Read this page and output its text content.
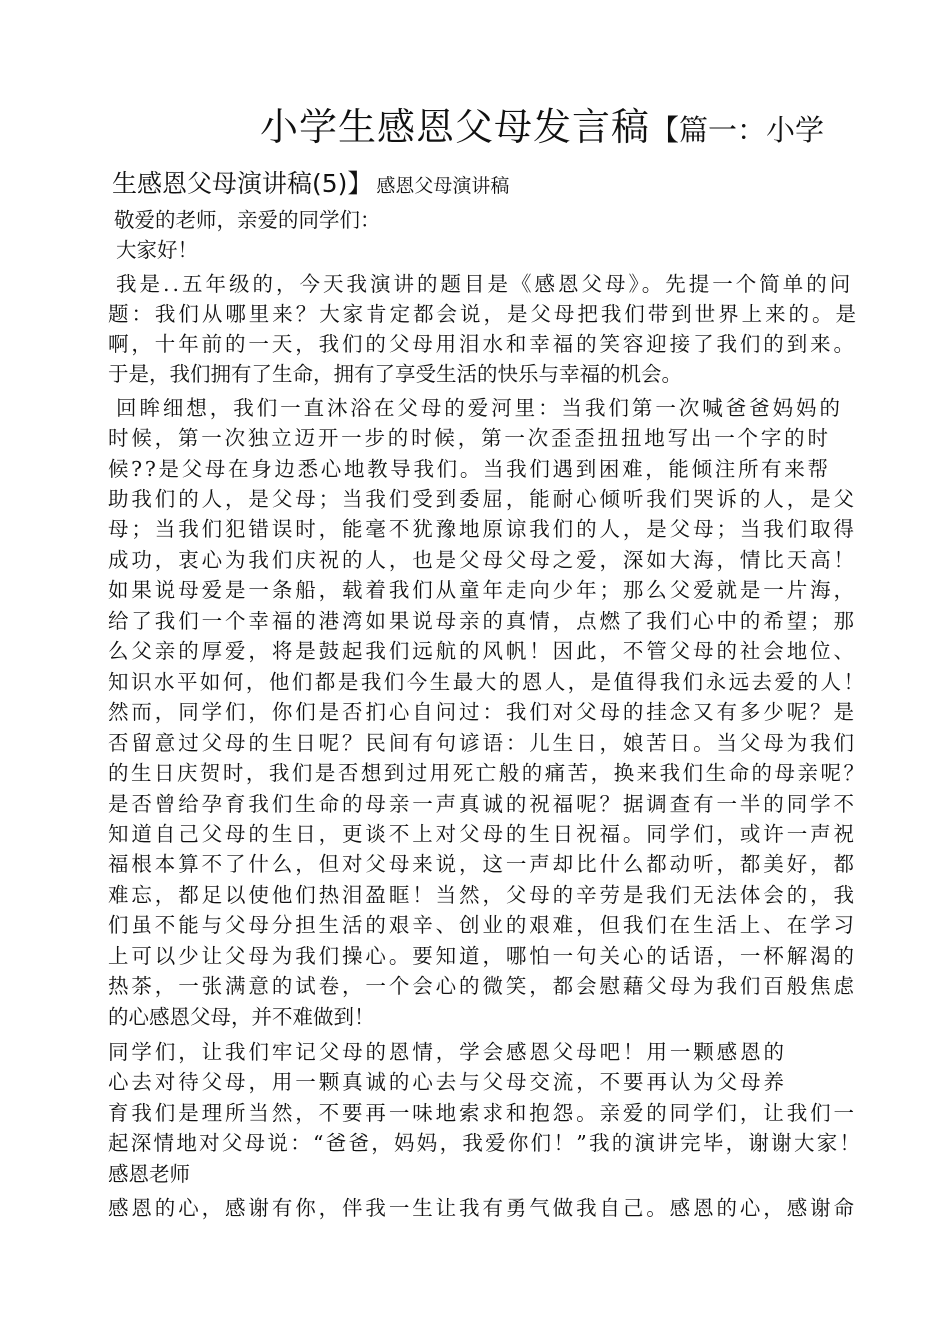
小学生感恩父母发言稿【篇一：小学
生感恩父母演讲稿(5)】 感恩父母演讲稿
敬爱的老师，亲爱的同学们：
大家好！
我是..五年级的，今天我演讲的题目是《感恩父母》。先提一个简单的问
题：我们从哪里来？大家肯定都会说，是父母把我们带到世界上来的。是
啊，十年前的一天，我们的父母用泪水和幸福的笑容迎接了我们的到来。
于是，我们拥有了生命，拥有了享受生活的快乐与幸福的机会。
回眸细想，我们一直沐浴在父母的爱河里：当我们第一次喊爸爸妈妈的
时候，第一次独立迈开一步的时候，第一次歪歪扭扭地写出一个字的时
候??是父母在身边悉心地教导我们。当我们遇到困难，能倾注所有来帮
助我们的人，是父母；当我们受到委屈，能耐心倾听我们哭诉的人，是父
母；当我们犯错误时，能毫不犹豫地原谅我们的人，是父母；当我们取得
成功，衷心为我们庆祝的人，也是父母父母之爱，深如大海，情比天高！
如果说母爱是一条船，载着我们从童年走向少年；那么父爱就是一片海，
给了我们一个幸福的港湾如果说母亲的真情，点燃了我们心中的希望；那
么父亲的厚爱，将是鼓起我们远航的风帆！因此，不管父母的社会地位、
知识水平如何，他们都是我们今生最大的恩人，是值得我们永远去爱的人！
然而，同学们，你们是否扪心自问过：我们对父母的挂念又有多少呢？是
否留意过父母的生日呢？民间有句谚语：儿生日，娘苦日。当父母为我们
的生日庆贺时，我们是否想到过用死亡般的痛苦，换来我们生命的母亲呢？
是否曾给孕育我们生命的母亲一声真诚的祝福呢？据调查有一半的同学不
知道自己父母的生日，更谈不上对父母的生日祝福。同学们，或许一声祝
福根本算不了什么，但对父母来说，这一声却比什么都动听，都美好，都
难忘，都足以使他们热泪盈眶！当然，父母的辛劳是我们无法体会的，我
们虽不能与父母分担生活的艰辛、创业的艰难，但我们在生活上、在学习
上可以少让父母为我们操心。要知道，哪怕一句关心的话语，一杯解渴的
热茶，一张满意的试卷，一个会心的微笑，都会慰藉父母为我们百般焦虑
的心感恩父母，并不难做到！
同学们，让我们牢记父母的恩情，学会感恩父母吧！用一颗感恩的
心去对待父母，用一颗真诚的心去与父母交流，不要再认为父母养
育我们是理所当然，不要再一味地索求和抱怨。亲爱的同学们，让我们一
起深情地对父母说：“爸爸，妈妈，我爱你们！”我的演讲完毕，谢谢大家！
感恩老师
感恩的心，感谢有你，伴我一生让我有勇气做我自己。感恩的心，感谢命
